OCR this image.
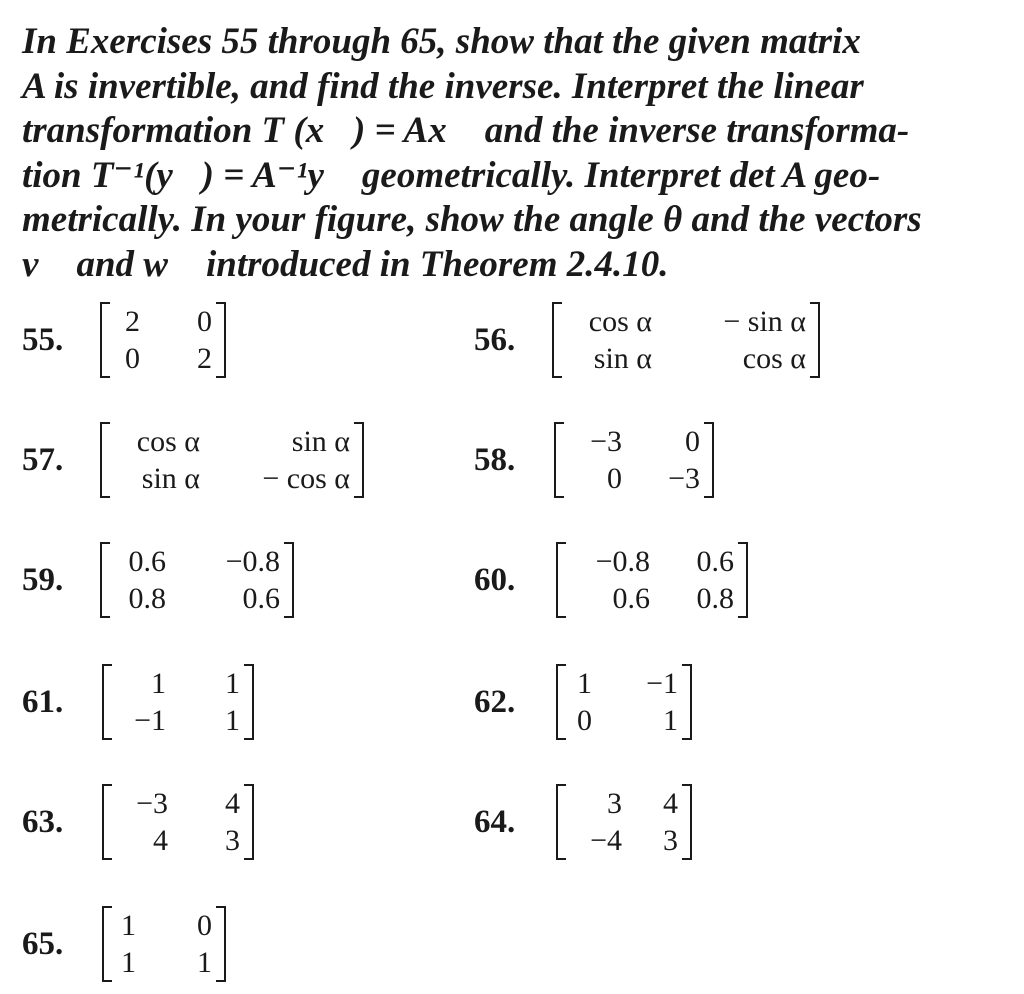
In Exercises 55 through 65, show that the given matrix
A is invertible, and find the inverse. Interpret the linear
transformation T (x⃗) = Ax⃗ and the inverse transforma-
tion T⁻¹(y⃗) = A⁻¹y⃗ geometrically. Interpret det A geo-
metrically. In your figure, show the angle θ and the vectors
v⃗ and w⃗ introduced in Theorem 2.4.10.
55.
2	0
0	2
56.
cos α	− sin α
sin α	cos α
57.
cos α	sin α
sin α	− cos α
58.
−3	0
0	−3
59.
0.6	−0.8
0.8	0.6
60.
−0.8	0.6
0.6	0.8
61.
1	1
−1	1
62.
1	−1
0	1
63.
−3	4
4	3
64.
3	4
−4	3
65.
1	0
1	1
